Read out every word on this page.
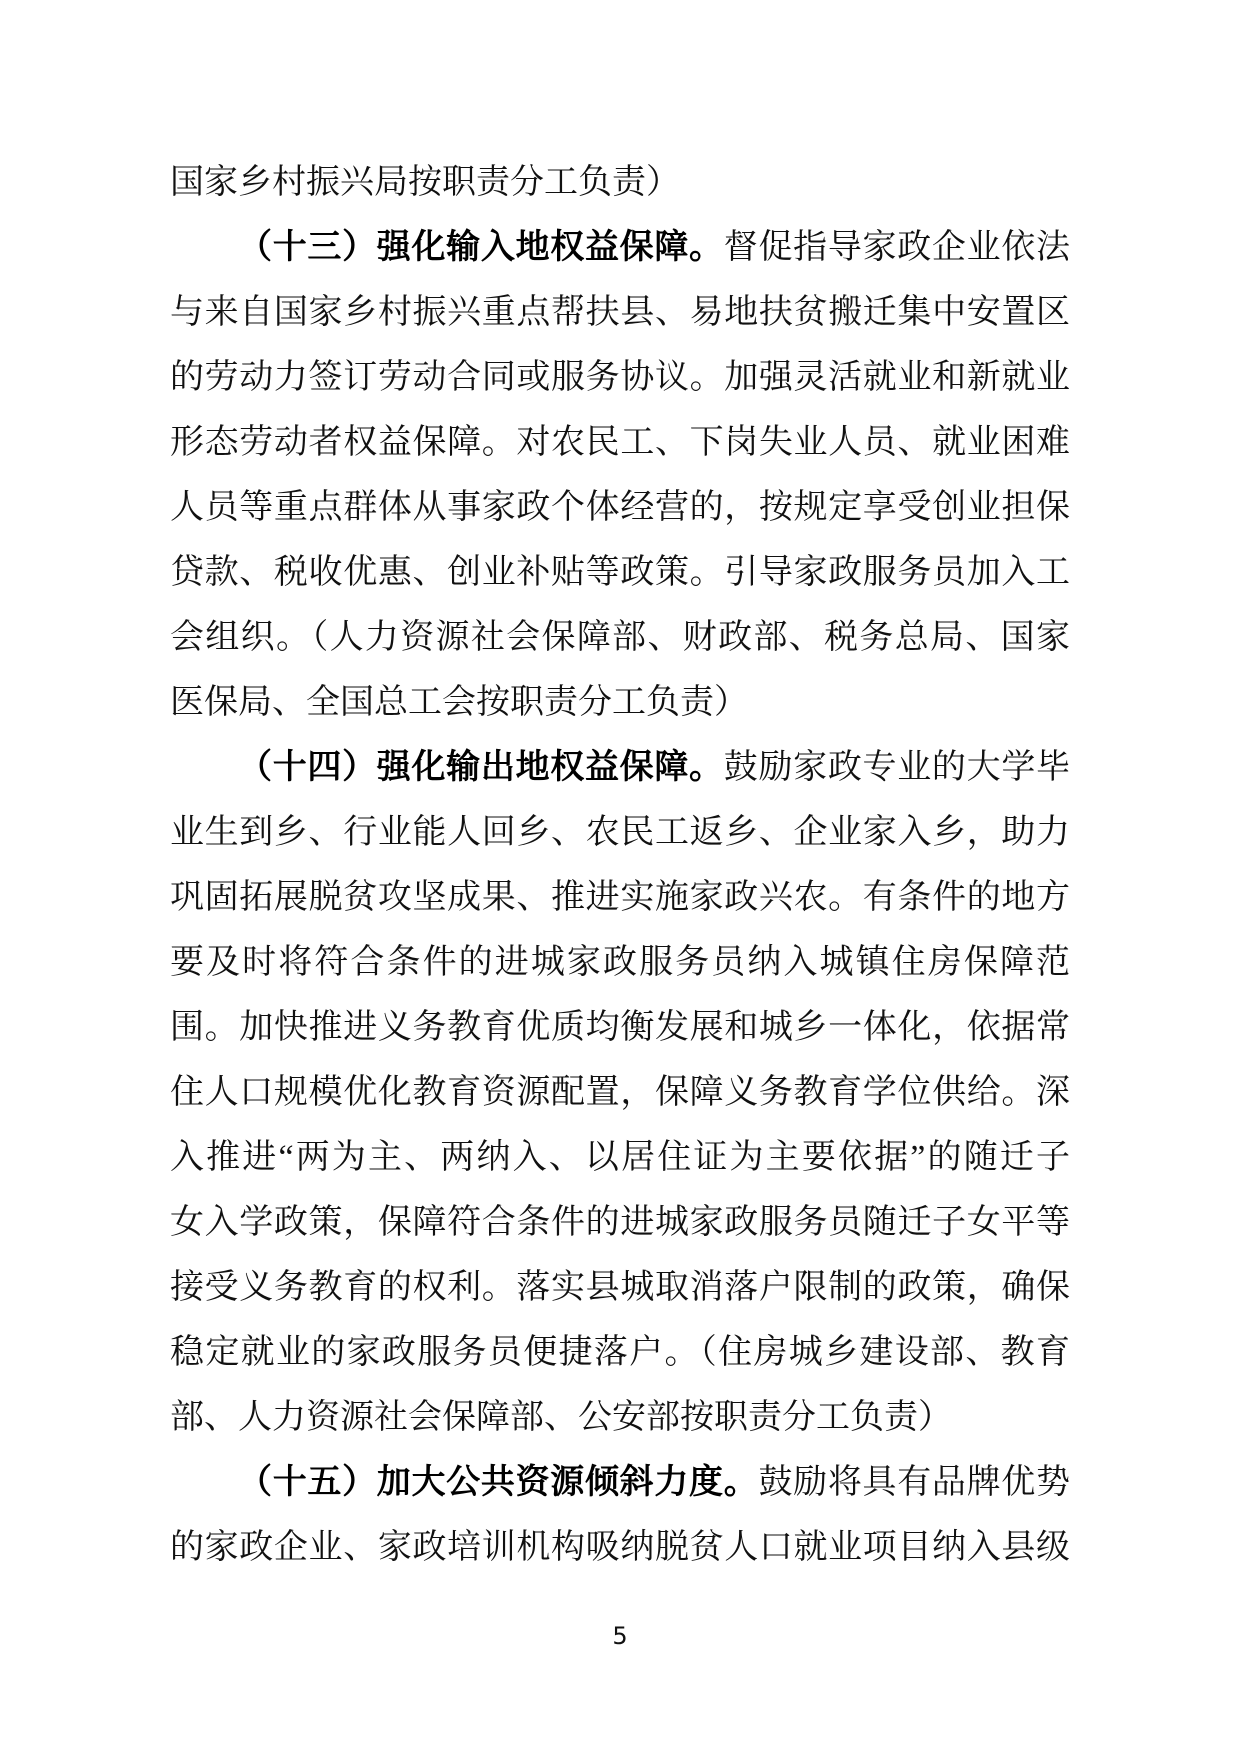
国家乡村振兴局按职责分工负责）
（十三）强化输入地权益保障。督促指导家政企业依法
与来自国家乡村振兴重点帮扶县、易地扶贫搬迁集中安置区
的劳动力签订劳动合同或服务协议。加强灵活就业和新就业
形态劳动者权益保障。对农民工、下岗失业人员、就业困难
人员等重点群体从事家政个体经营的，按规定享受创业担保
贷款、税收优惠、创业补贴等政策。引导家政服务员加入工
会组织。（人力资源社会保障部、财政部、税务总局、国家
医保局、全国总工会按职责分工负责）
（十四）强化输出地权益保障。鼓励家政专业的大学毕
业生到乡、行业能人回乡、农民工返乡、企业家入乡，助力
巩固拓展脱贫攻坚成果、推进实施家政兴农。有条件的地方
要及时将符合条件的进城家政服务员纳入城镇住房保障范
围。加快推进义务教育优质均衡发展和城乡一体化，依据常
住人口规模优化教育资源配置，保障义务教育学位供给。深
入推进“两为主、两纳入、以居住证为主要依据”的随迁子
女入学政策，保障符合条件的进城家政服务员随迁子女平等
接受义务教育的权利。落实县城取消落户限制的政策，确保
稳定就业的家政服务员便捷落户。（住房城乡建设部、教育
部、人力资源社会保障部、公安部按职责分工负责）
（十五）加大公共资源倾斜力度。鼓励将具有品牌优势
的家政企业、家政培训机构吸纳脱贫人口就业项目纳入县级
5
